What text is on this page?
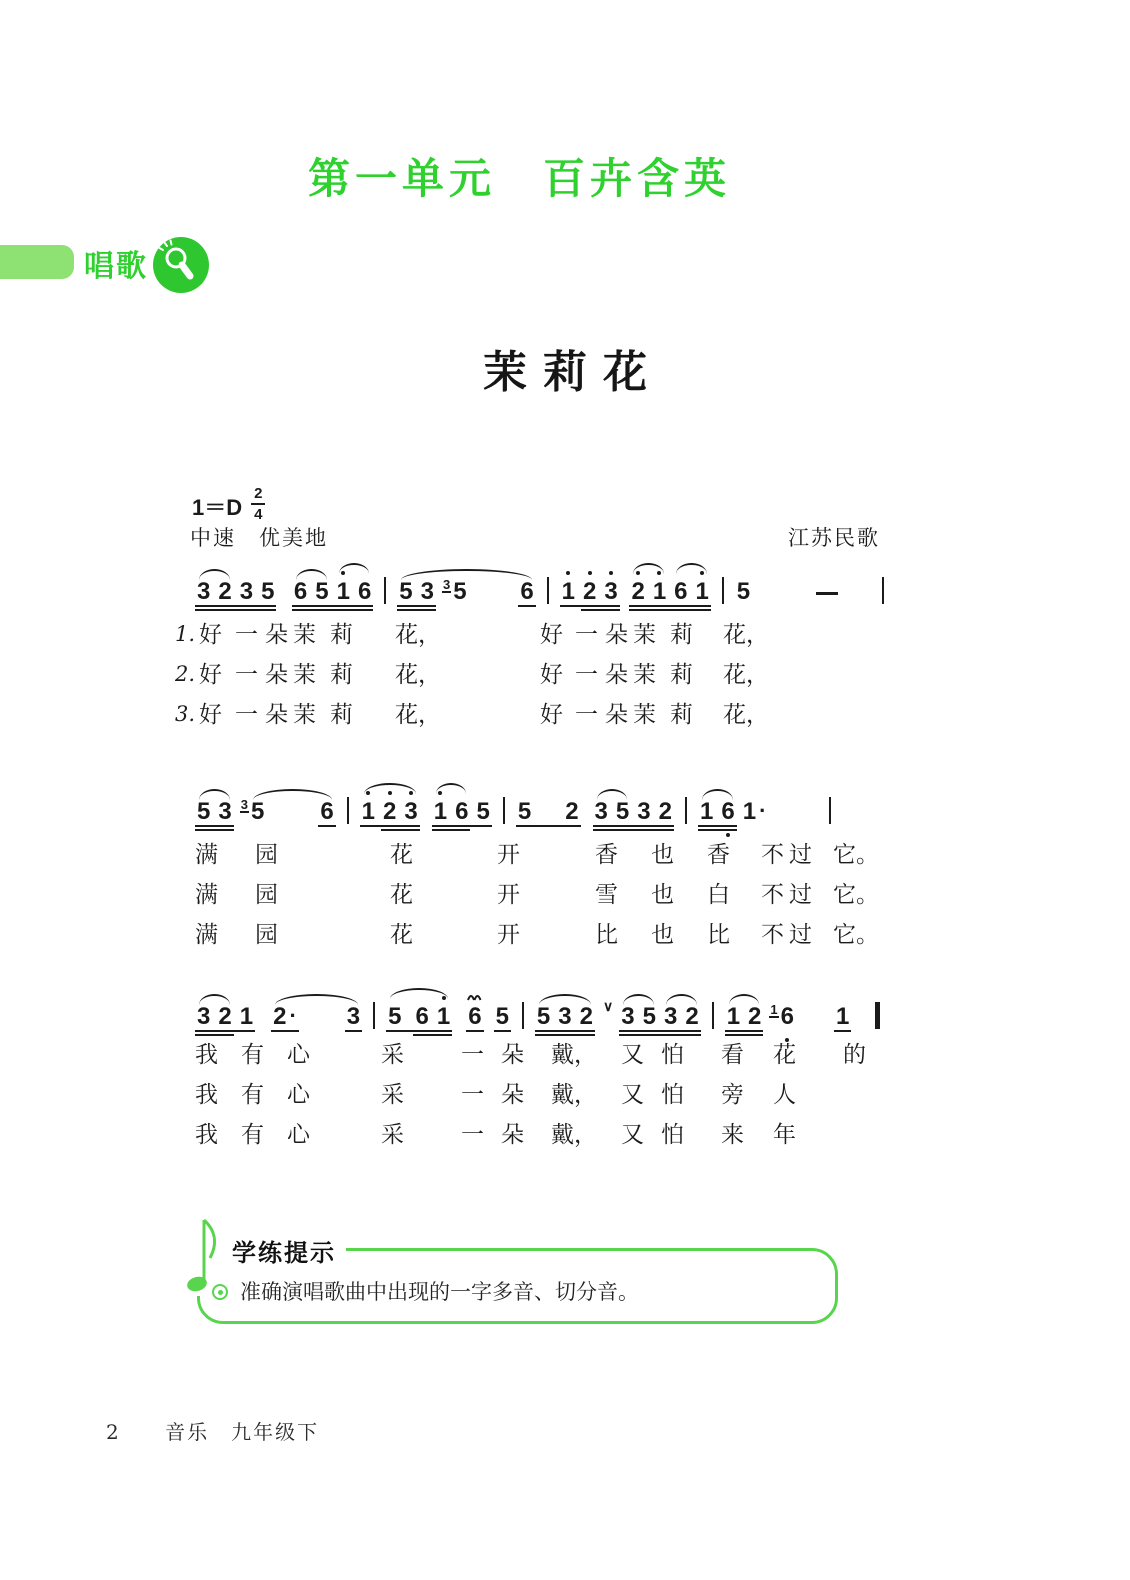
第一单元　百卉含英
唱歌
茉莉花
$1=D \frac{2}{4}$
中速　优美地	江苏民歌
3 2 3 5 6 5 1 6 5 3 3 5 6 1 2 3 2 1 6 1 5
1. 好 一 朵 茉 莉 花，	好 一 朵 茉 莉 花，
2. 好 一 朵 茉 莉 花，	好 一 朵 茉 莉 花，
3. 好 一 朵 茉 莉 花，	好 一 朵 茉 莉 花，
5 3 3 5 6 1 2 3 1 6 5 5 2 3 5 3 2 1 6 1 ·
满 园	花	开	香 也 香 不 过 它。
满 园	花	开	雪 也 白 不 过 它。
满 园	花	开	比 也 比 不 过 它。
3 2 1 2 · 3 5 6 1 6 5 5 3 2 ∨ 3 5 3 2 1 2 1 6 1
我 有 心	采 一 朵 戴， 又 怕 看 花 的
我 有 心	采 一 朵 戴， 又 怕 旁 人
我 有 心	采 一 朵 戴， 又 怕 来 年
学练提示
准确演唱歌曲中出现的一字多音、切分音。
2 音乐　九年级下
